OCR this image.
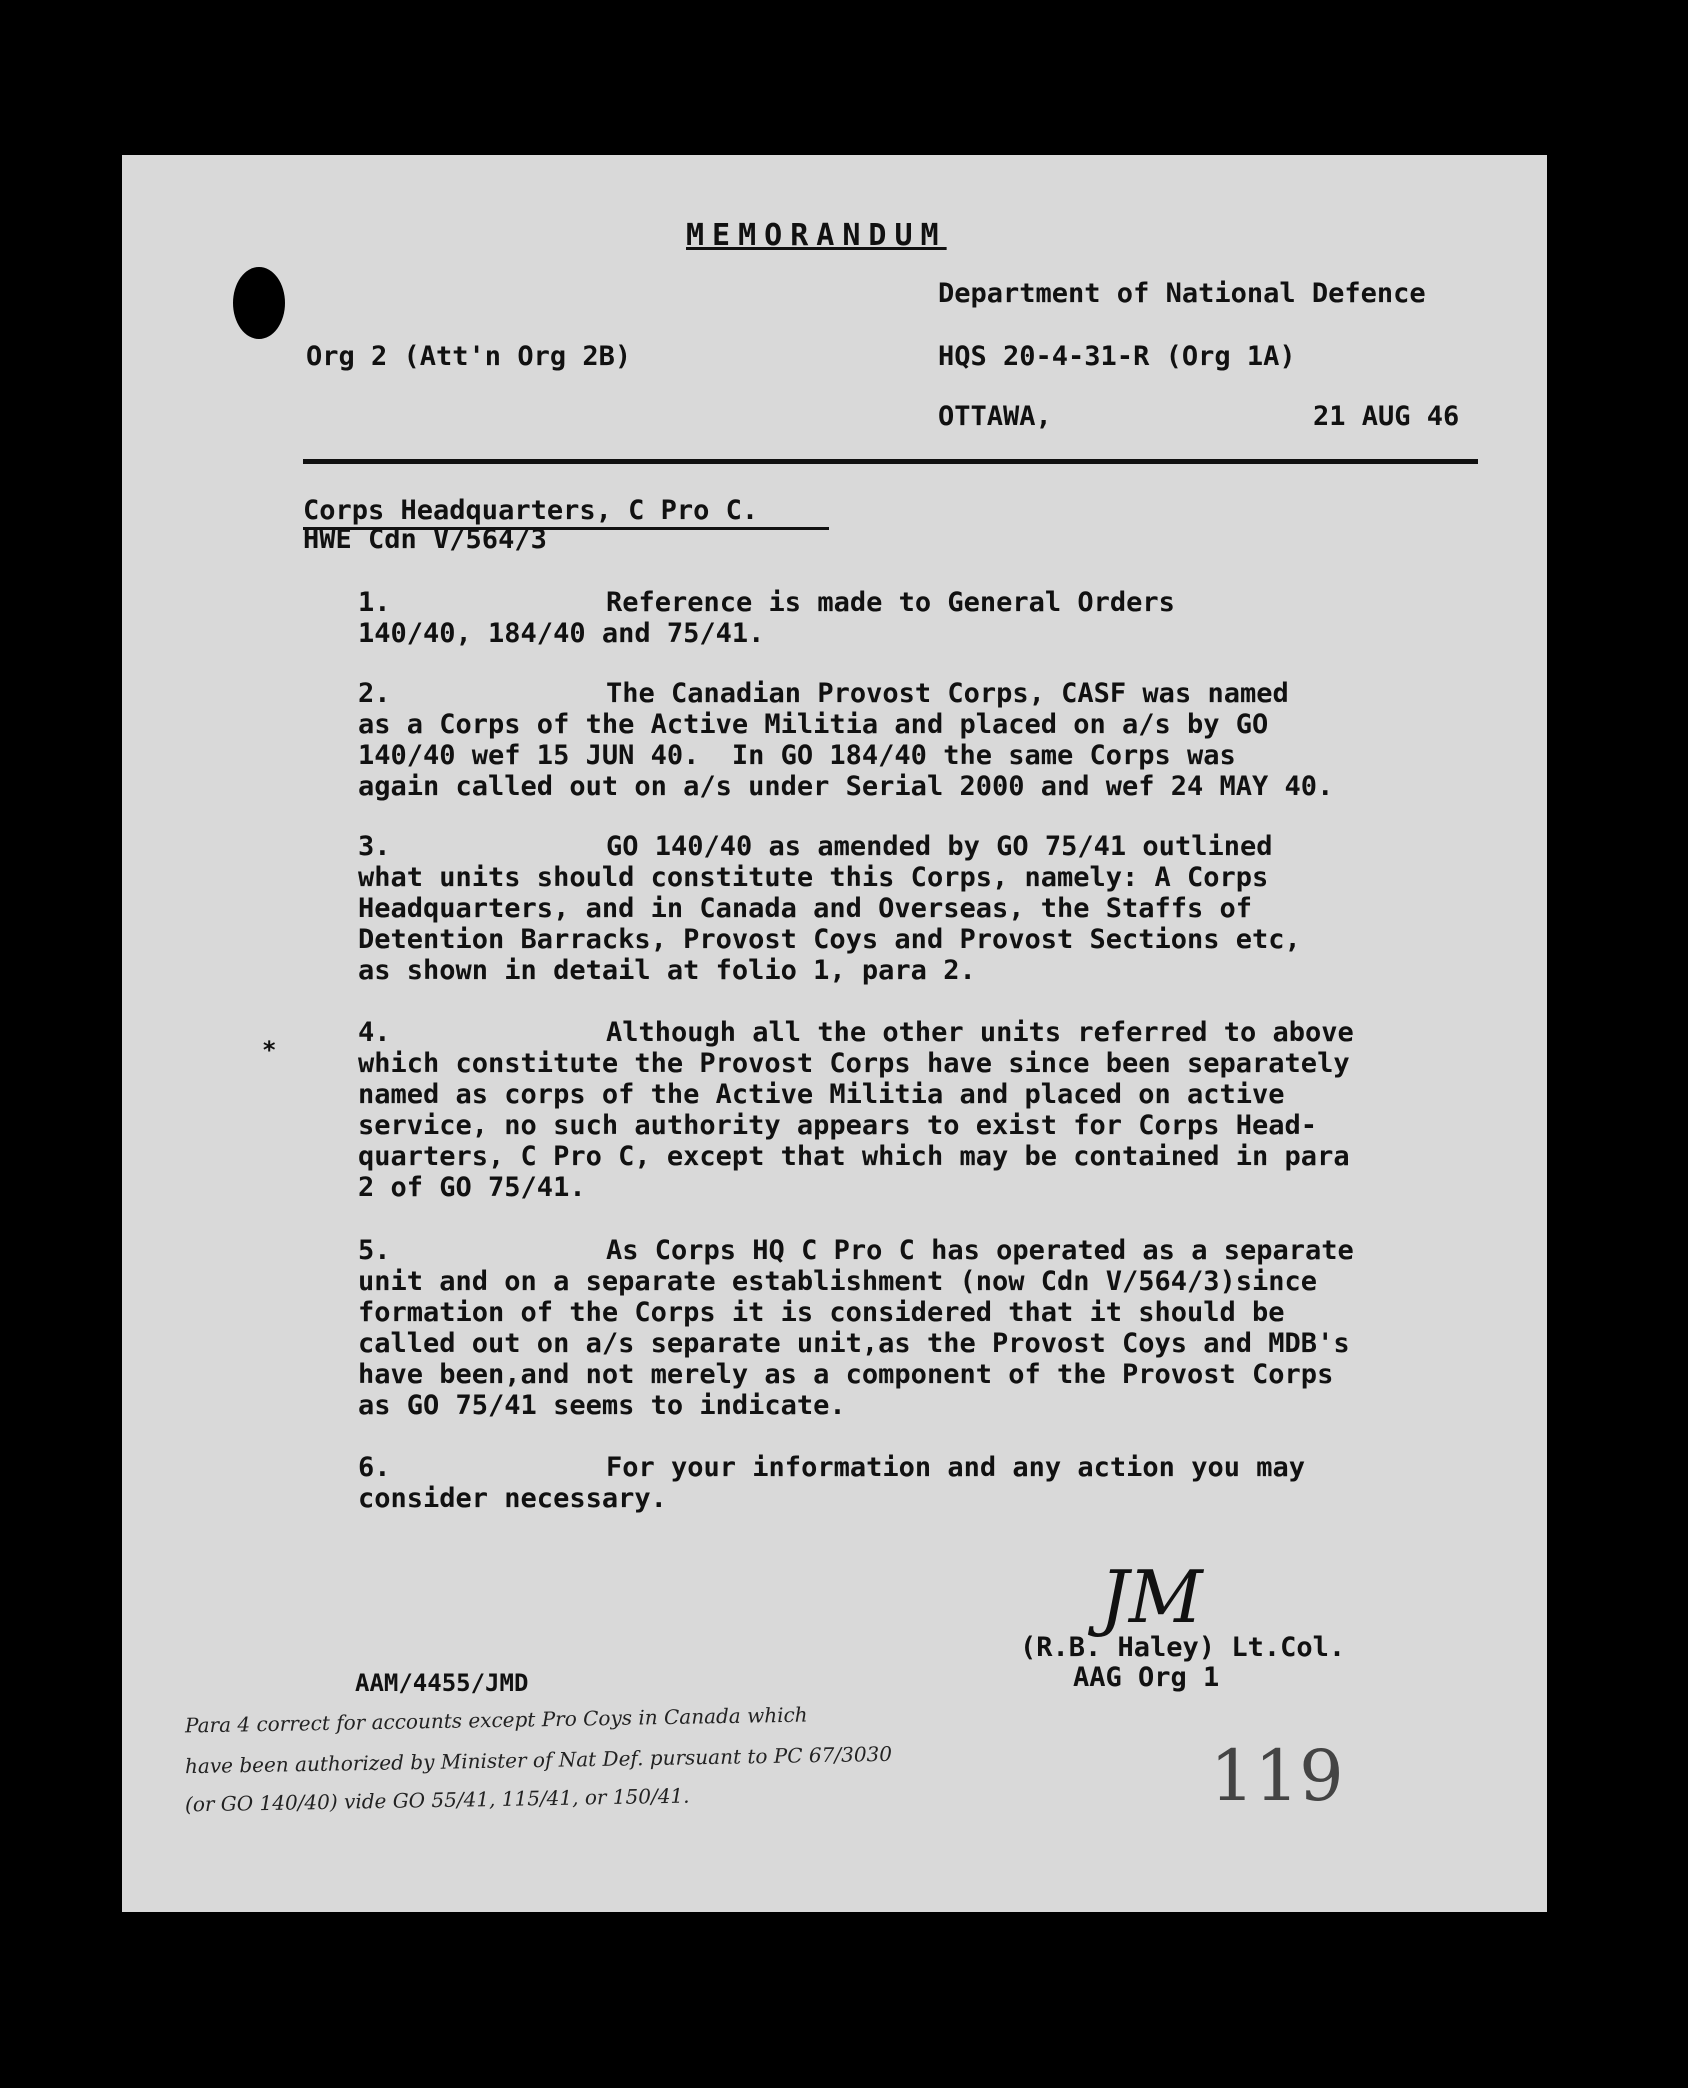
MEMORANDUM
Department of National Defence
Org 2 (Att'n Org 2B)	HQS 20-4-31-R (Org 1A)
OTTAWA,	21 AUG 46
Corps Headquarters, C Pro C.
HWE Cdn V/564/3
1.	Reference is made to General Orders
140/40, 184/40 and 75/41.
2.	The Canadian Provost Corps, CASF was named
as a Corps of the Active Militia and placed on a/s by GO
140/40 wef 15 JUN 40.  In GO 184/40 the same Corps was
again called out on a/s under Serial 2000 and wef 24 MAY 40.
3.	GO 140/40 as amended by GO 75/41 outlined
what units should constitute this Corps, namely: A Corps
Headquarters, and in Canada and Overseas, the Staffs of
Detention Barracks, Provost Coys and Provost Sections etc,
as shown in detail at folio 1, para 2.
*
4.	Although all the other units referred to above
which constitute the Provost Corps have since been separately
named as corps of the Active Militia and placed on active
service, no such authority appears to exist for Corps Head-
quarters, C Pro C, except that which may be contained in para
2 of GO 75/41.
5.	As Corps HQ C Pro C has operated as a separate
unit and on a separate establishment (now Cdn V/564/3)since
formation of the Corps it is considered that it should be
called out on a/s separate unit,as the Provost Coys and MDB's
have been,and not merely as a component of the Provost Corps
as GO 75/41 seems to indicate.
6.	For your information and any action you may
consider necessary.
JM
(R.B. Haley) Lt.Col.
AAG Org 1
AAM/4455/JMD
Para 4 correct for accounts except Pro Coys in Canada which
have been authorized by Minister of Nat Def. pursuant to PC 67/3030
(or GO 140/40) vide GO 55/41, 115/41, or 150/41.	119
